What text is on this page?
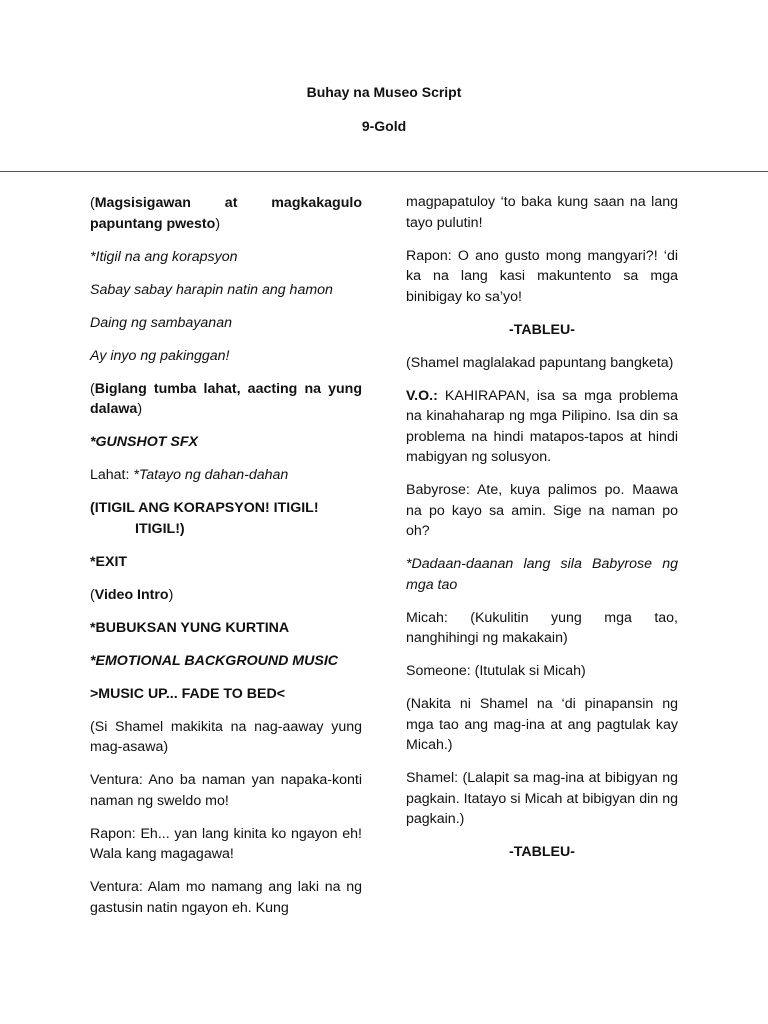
Buhay na Museo Script
9-Gold

(Magsisigawan at magkakagulo papuntang pwesto)

*Itigil na ang korapsyon

Sabay sabay harapin natin ang hamon

Daing ng sambayanan

Ay inyo ng pakinggan!

(Biglang tumba lahat, aacting na yung dalawa)

*GUNSHOT SFX

Lahat: *Tatayo ng dahan-dahan

(ITIGIL ANG KORAPSYON! ITIGIL!
ITIGIL!)

*EXIT

(Video Intro)

*BUBUKSAN YUNG KURTINA

*EMOTIONAL BACKGROUND MUSIC

>MUSIC UP... FADE TO BED<

(Si Shamel makikita na nag-aaway yung mag-asawa)

Ventura: Ano ba naman yan napaka-konti naman ng sweldo mo!

Rapon: Eh... yan lang kinita ko ngayon eh! Wala kang magagawa!

Ventura: Alam mo namang ang laki na ng gastusin natin ngayon eh. Kung

magpapatuloy ‘to baka kung saan na lang tayo pulutin!

Rapon: O ano gusto mong mangyari?! ‘di ka na lang kasi makuntento sa mga binibigay ko sa’yo!

-TABLEU-

(Shamel maglalakad papuntang bangketa)

V.O.: KAHIRAPAN, isa sa mga problema na kinahaharap ng mga Pilipino. Isa din sa problema na hindi matapos-tapos at hindi mabigyan ng solusyon.

Babyrose: Ate, kuya palimos po. Maawa na po kayo sa amin. Sige na naman po oh?

*Dadaan-daanan lang sila Babyrose ng mga tao

Micah: (Kukulitin yung mga tao, nanghihingi ng makakain)

Someone: (Itutulak si Micah)

(Nakita ni Shamel na ‘di pinapansin ng mga tao ang mag-ina at ang pagtulak kay Micah.)

Shamel: (Lalapit sa mag-ina at bibigyan ng pagkain. Itatayo si Micah at bibigyan din ng pagkain.)

-TABLEU-
